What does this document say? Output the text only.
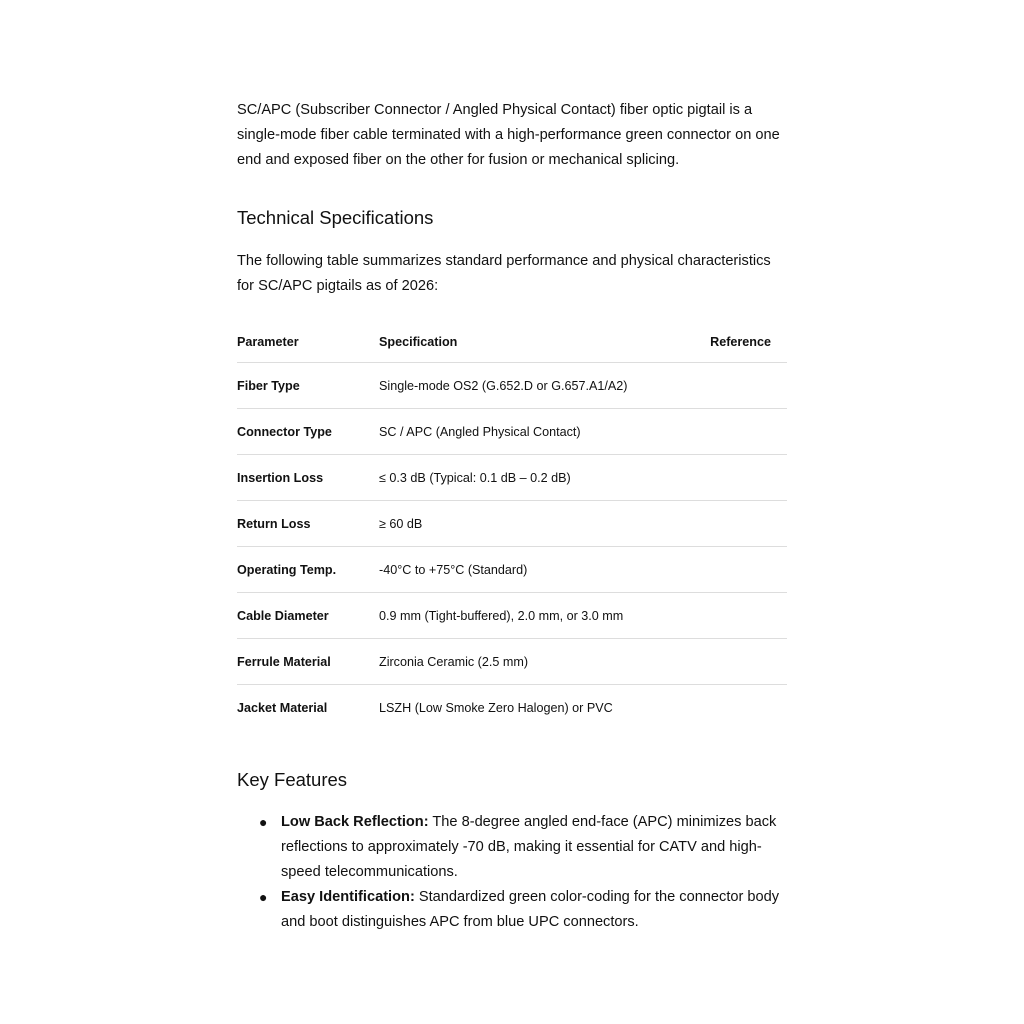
SC/APC (Subscriber Connector / Angled Physical Contact) fiber optic pigtail is a single-mode fiber cable terminated with a high-performance green connector on one end and exposed fiber on the other for fusion or mechanical splicing.

Technical Specifications

The following table summarizes standard performance and physical characteristics for SC/APC pigtails as of 2026:

Parameter	Specification	Reference
Fiber Type	Single-mode OS2 (G.652.D or G.657.A1/A2)	
Connector Type	SC / APC (Angled Physical Contact)	
Insertion Loss	≤ 0.3 dB (Typical: 0.1 dB – 0.2 dB)	
Return Loss	≥ 60 dB	
Operating Temp.	-40°C to +75°C (Standard)	
Cable Diameter	0.9 mm (Tight-buffered), 2.0 mm, or 3.0 mm	
Ferrule Material	Zirconia Ceramic (2.5 mm)	
Jacket Material	LSZH (Low Smoke Zero Halogen) or PVC	
Key Features
● Low Back Reflection: The 8-degree angled end-face (APC) minimizes back reflections to approximately -70 dB, making it essential for CATV and high-speed telecommunications.
● Easy Identification: Standardized green color-coding for the connector body and boot distinguishes APC from blue UPC connectors.
